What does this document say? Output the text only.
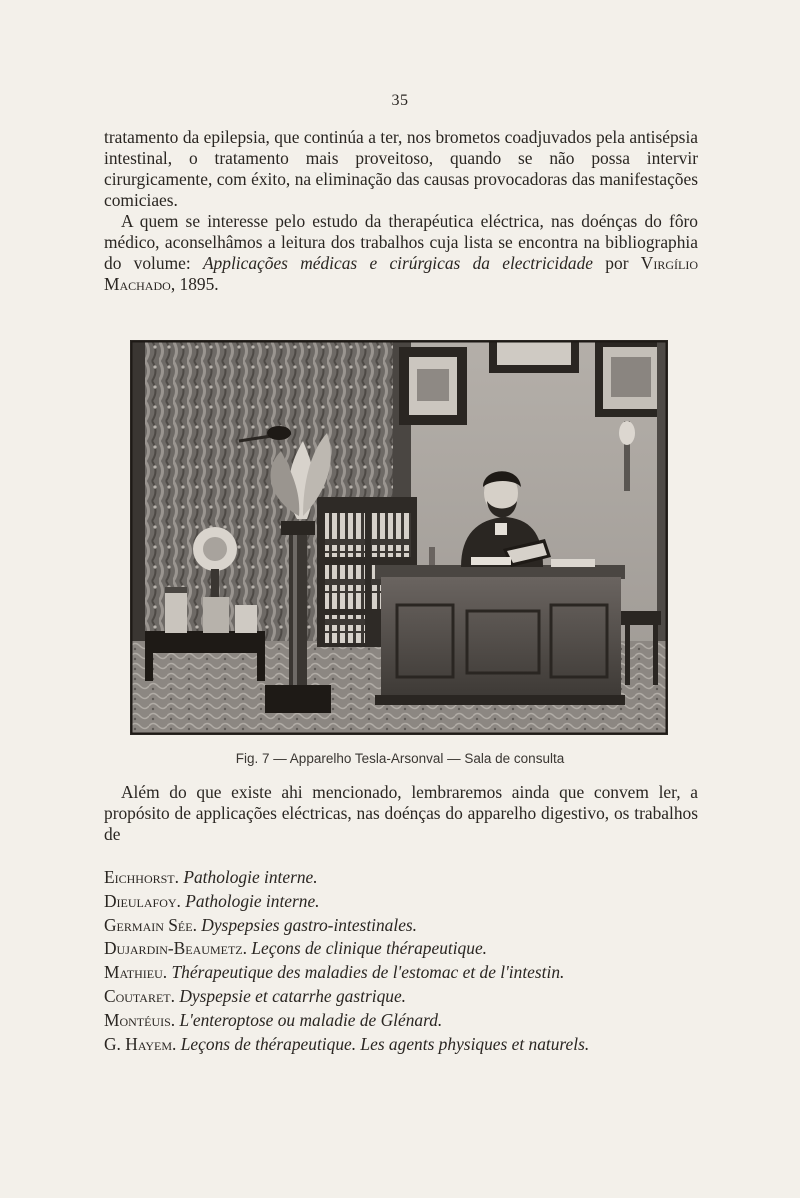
35

tratamento da epilepsia, que continúa a ter, nos brometos coadjuvados pela antisépsia intestinal, o tratamento mais proveitoso, quando se não possa intervir cirurgicamente, com éxito, na eliminação das causas provocadoras das manifestações comiciaes.

A quem se interesse pelo estudo da therapéutica eléctrica, nas doénças do fôro médico, aconselhâmos a leitura dos trabalhos cuja lista se encontra na bibliographia do volume: Applicações médicas e cirúrgicas da electricidade por Virgílio Machado, 1895.

Fig. 7 — Apparelho Tesla-Arsonval — Sala de consulta

Além do que existe ahi mencionado, lembraremos ainda que convem ler, a propósito de applicações eléctricas, nas doénças do apparelho digestivo, os trabalhos de

Eichhorst. Pathologie interne.
Dieulafoy. Pathologie interne.
Germain Sée. Dyspepsies gastro-intestinales.
Dujardin-Beaumetz. Leçons de clinique thérapeutique.
Mathieu. Thérapeutique des maladies de l'estomac et de l'intestin.
Coutaret. Dyspepsie et catarrhe gastrique.
Montéuis. L'enteroptose ou maladie de Glénard.
G. Hayem. Leçons de thérapeutique. Les agents physiques et naturels.
